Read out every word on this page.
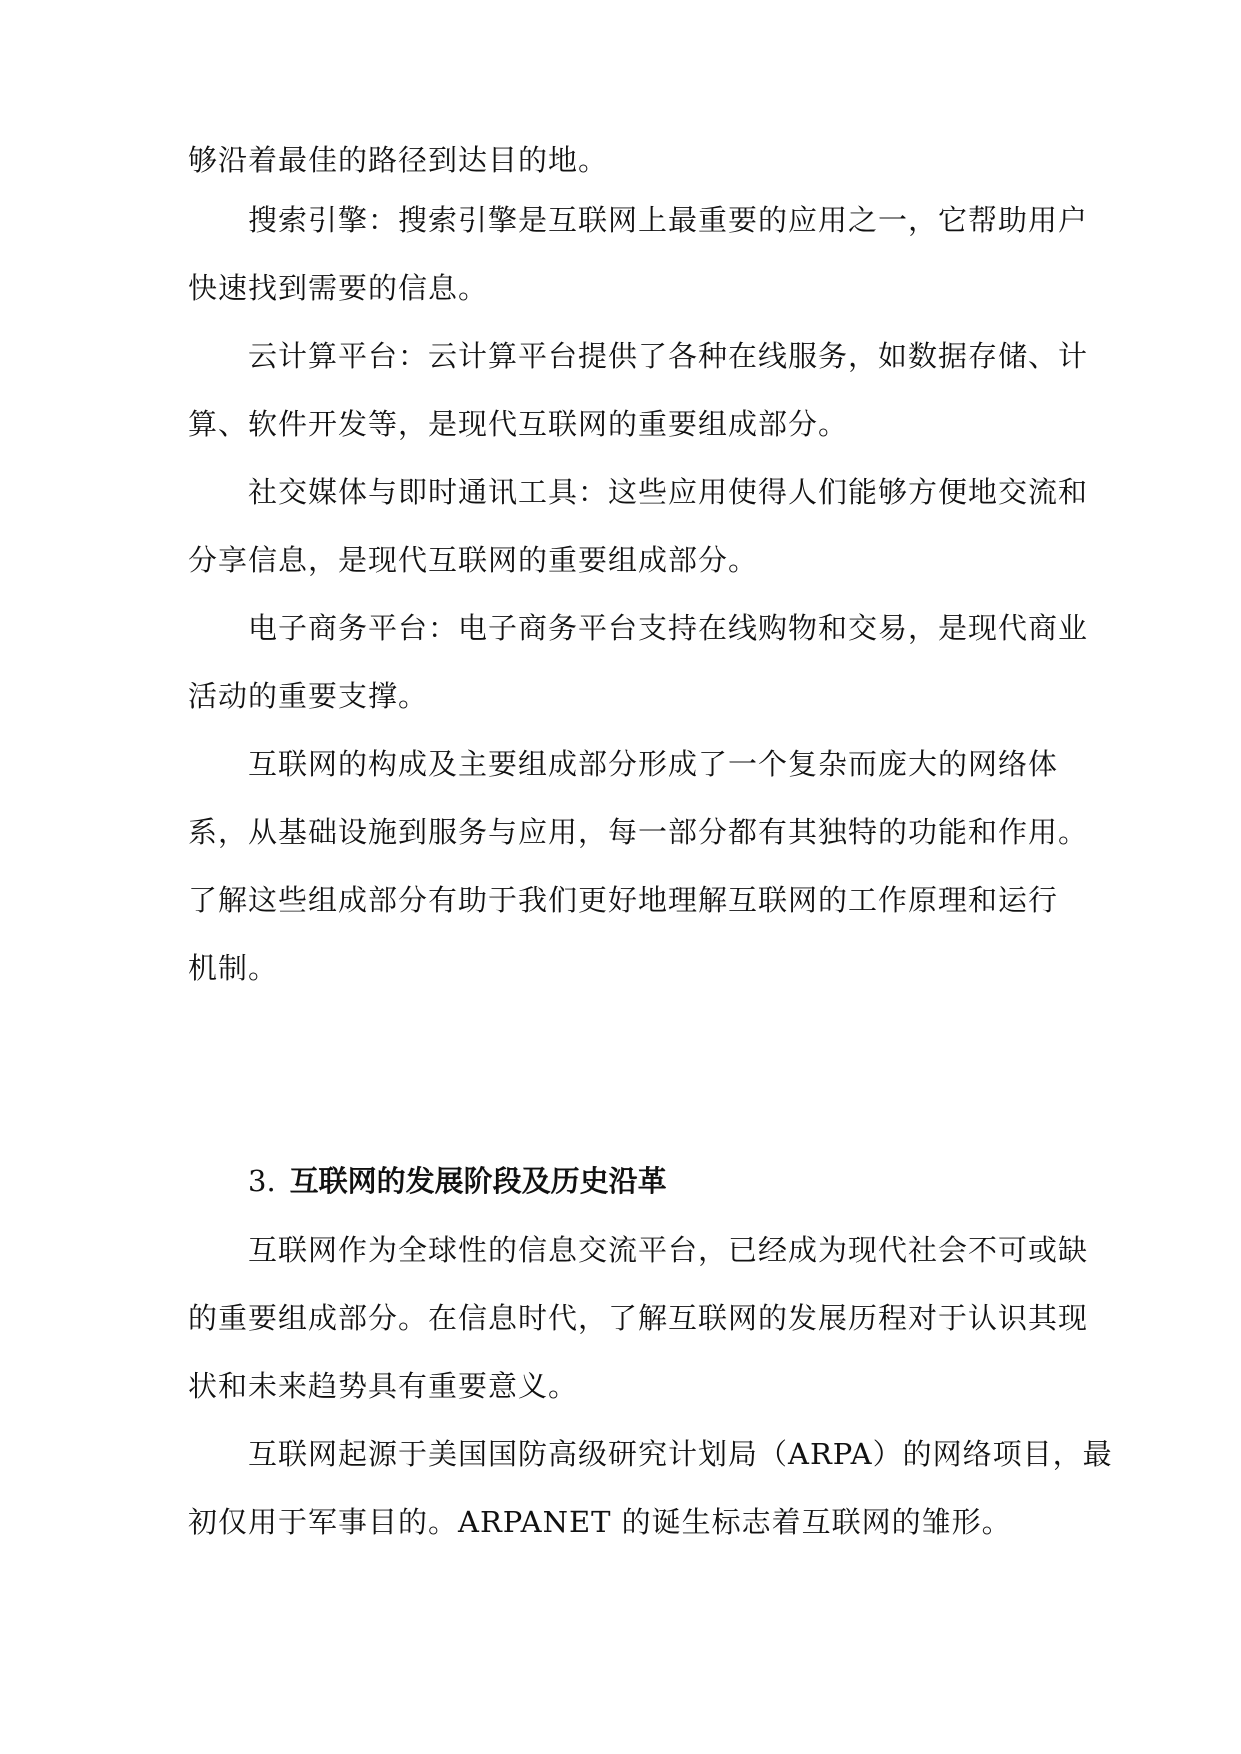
够沿着最佳的路径到达目的地。
搜索引擎：搜索引擎是互联网上最重要的应用之一，它帮助用户
快速找到需要的信息。
云计算平台：云计算平台提供了各种在线服务，如数据存储、计
算、软件开发等，是现代互联网的重要组成部分。
社交媒体与即时通讯工具：这些应用使得人们能够方便地交流和
分享信息，是现代互联网的重要组成部分。
电子商务平台：电子商务平台支持在线购物和交易，是现代商业
活动的重要支撑。
互联网的构成及主要组成部分形成了一个复杂而庞大的网络体
系，从基础设施到服务与应用，每一部分都有其独特的功能和作用。
了解这些组成部分有助于我们更好地理解互联网的工作原理和运行
机制。
3. 互联网的发展阶段及历史沿革
互联网作为全球性的信息交流平台，已经成为现代社会不可或缺
的重要组成部分。在信息时代，了解互联网的发展历程对于认识其现
状和未来趋势具有重要意义。
互联网起源于美国国防高级研究计划局（ARPA）的网络项目，最
初仅用于军事目的。ARPANET 的诞生标志着互联网的雏形。
